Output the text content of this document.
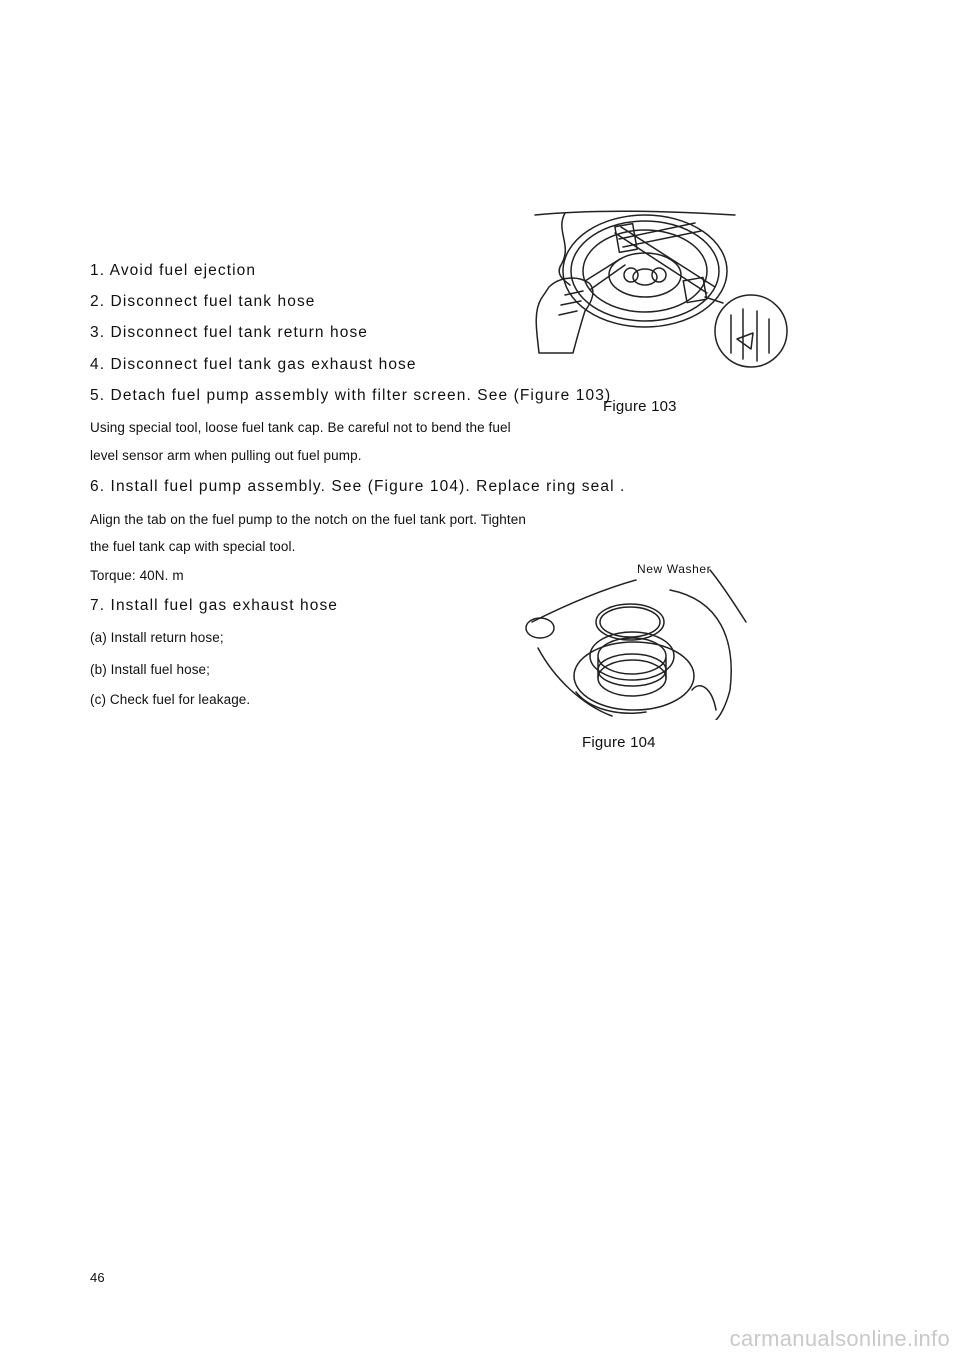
1. Avoid fuel ejection

2. Disconnect fuel tank hose

3. Disconnect fuel tank return hose

4. Disconnect fuel tank gas exhaust hose

5. Detach fuel pump assembly with filter screen. See (Figure 103)

Using special tool, loose fuel tank cap. Be careful not to bend the fuel

level sensor arm when pulling out fuel pump.

6. Install fuel pump assembly. See (Figure 104). Replace ring seal .

Align the tab on the fuel pump to the notch on the fuel tank port. Tighten

the fuel tank cap with special tool.

Torque: 40N. m

7. Install fuel gas exhaust hose

(a) Install return hose;

(b) Install fuel hose;

(c) Check fuel for leakage.

Figure 103
New Washer
Figure 104
46
carmanualsonline.info
